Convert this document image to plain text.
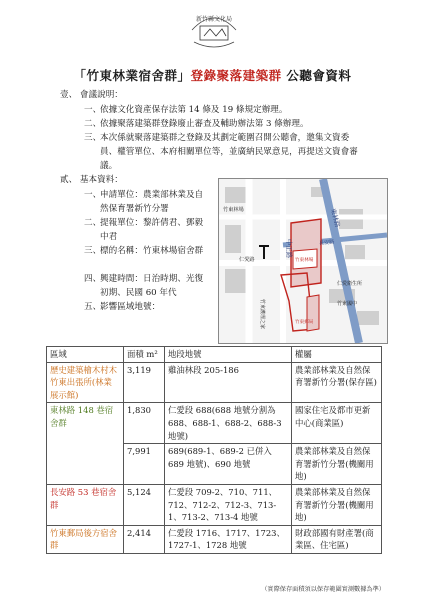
新竹縣文化局
「竹東林業宿舍群」登錄聚落建築群 公聽會資料
壹、 會議說明：
一、
依據文化資產保存法第 14 條及 19 條規定辦理。
二、
依據聚落建築群登錄廢止審查及輔助辦法第 3 條辦理。
三、
本次係就聚落建築群之登錄及其劃定範圍召開公聽會，邀集文資委員、權管單位、本府相關單位等，並廣納民眾意見，再提送文資會審議。
貳、 基本資料：
一、
申請單位：農業部林業及自然保育署新竹分署
二、
提報單位：黎許倩君、鄧毅中君
三、
標的名稱：竹東林場宿舍群
四、
興建時間：日治時期、光復初期、民國 60 年代
五、
影響區域地號：
竹東林場
中正路
東林路
長安路
仁愛路
竹東護理之家	竹東國中
仁愛衛生所
竹東林場
竹東郵局
區域	面積 m²	地段地號	權屬
歷史建築檜木村木竹東出張所(林業展示館)	3,119	雞油林段 205-186	農業部林業及自然保育署新竹分署(保存區)
東林路 148 巷宿舍群	1,830	仁愛段 688(688 地號分割為 688、688-1、688-2、688-3 地號)	國家住宅及都市更新中心(商業區)
	7,991	689(689-1、689-2 已併入 689 地號)、690 地號	農業部林業及自然保育署新竹分署(機關用地)
長安路 53 巷宿舍群	5,124	仁愛段 709-2、710、711、712、712-2、712-3、713-1、713-2、713-4 地號	農業部林業及自然保育署新竹分署(機關用地)
竹東郵局後方宿舍群	2,414	仁愛段 1716、1717、1723、1727-1、1728 地號	財政部國有財產署(商業區、住宅區)
（實際保存面積須以保存範圍實測數據為準）
